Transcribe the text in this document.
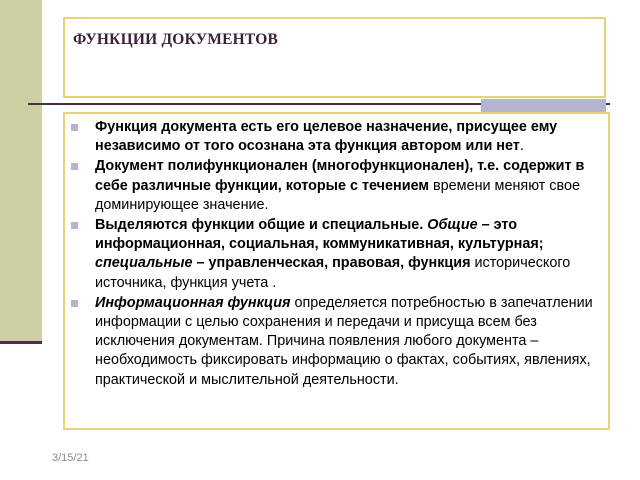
ФУНКЦИИ ДОКУМЕНТОВ
Функция документа есть его целевое назначение, присущее ему независимо от того осознана эта функция автором или нет.
Документ полифункционален (многофункционален), т.е. содержит в себе различные функции, которые с течением времени меняют свое доминирующее значение.
Выделяются функции общие и специальные. Общие – это информационная, социальная, коммуникативная, культурная; специальные – управленческая, правовая, функция исторического источника, функция учета .
Информационная функция определяется потребностью в запечатлении информации с целью сохранения и передачи и присуща всем без исключения документам. Причина появления любого документа – необходимость фиксировать информацию о фактах, событиях, явлениях, практической и мыслительной деятельности.
3/15/21
